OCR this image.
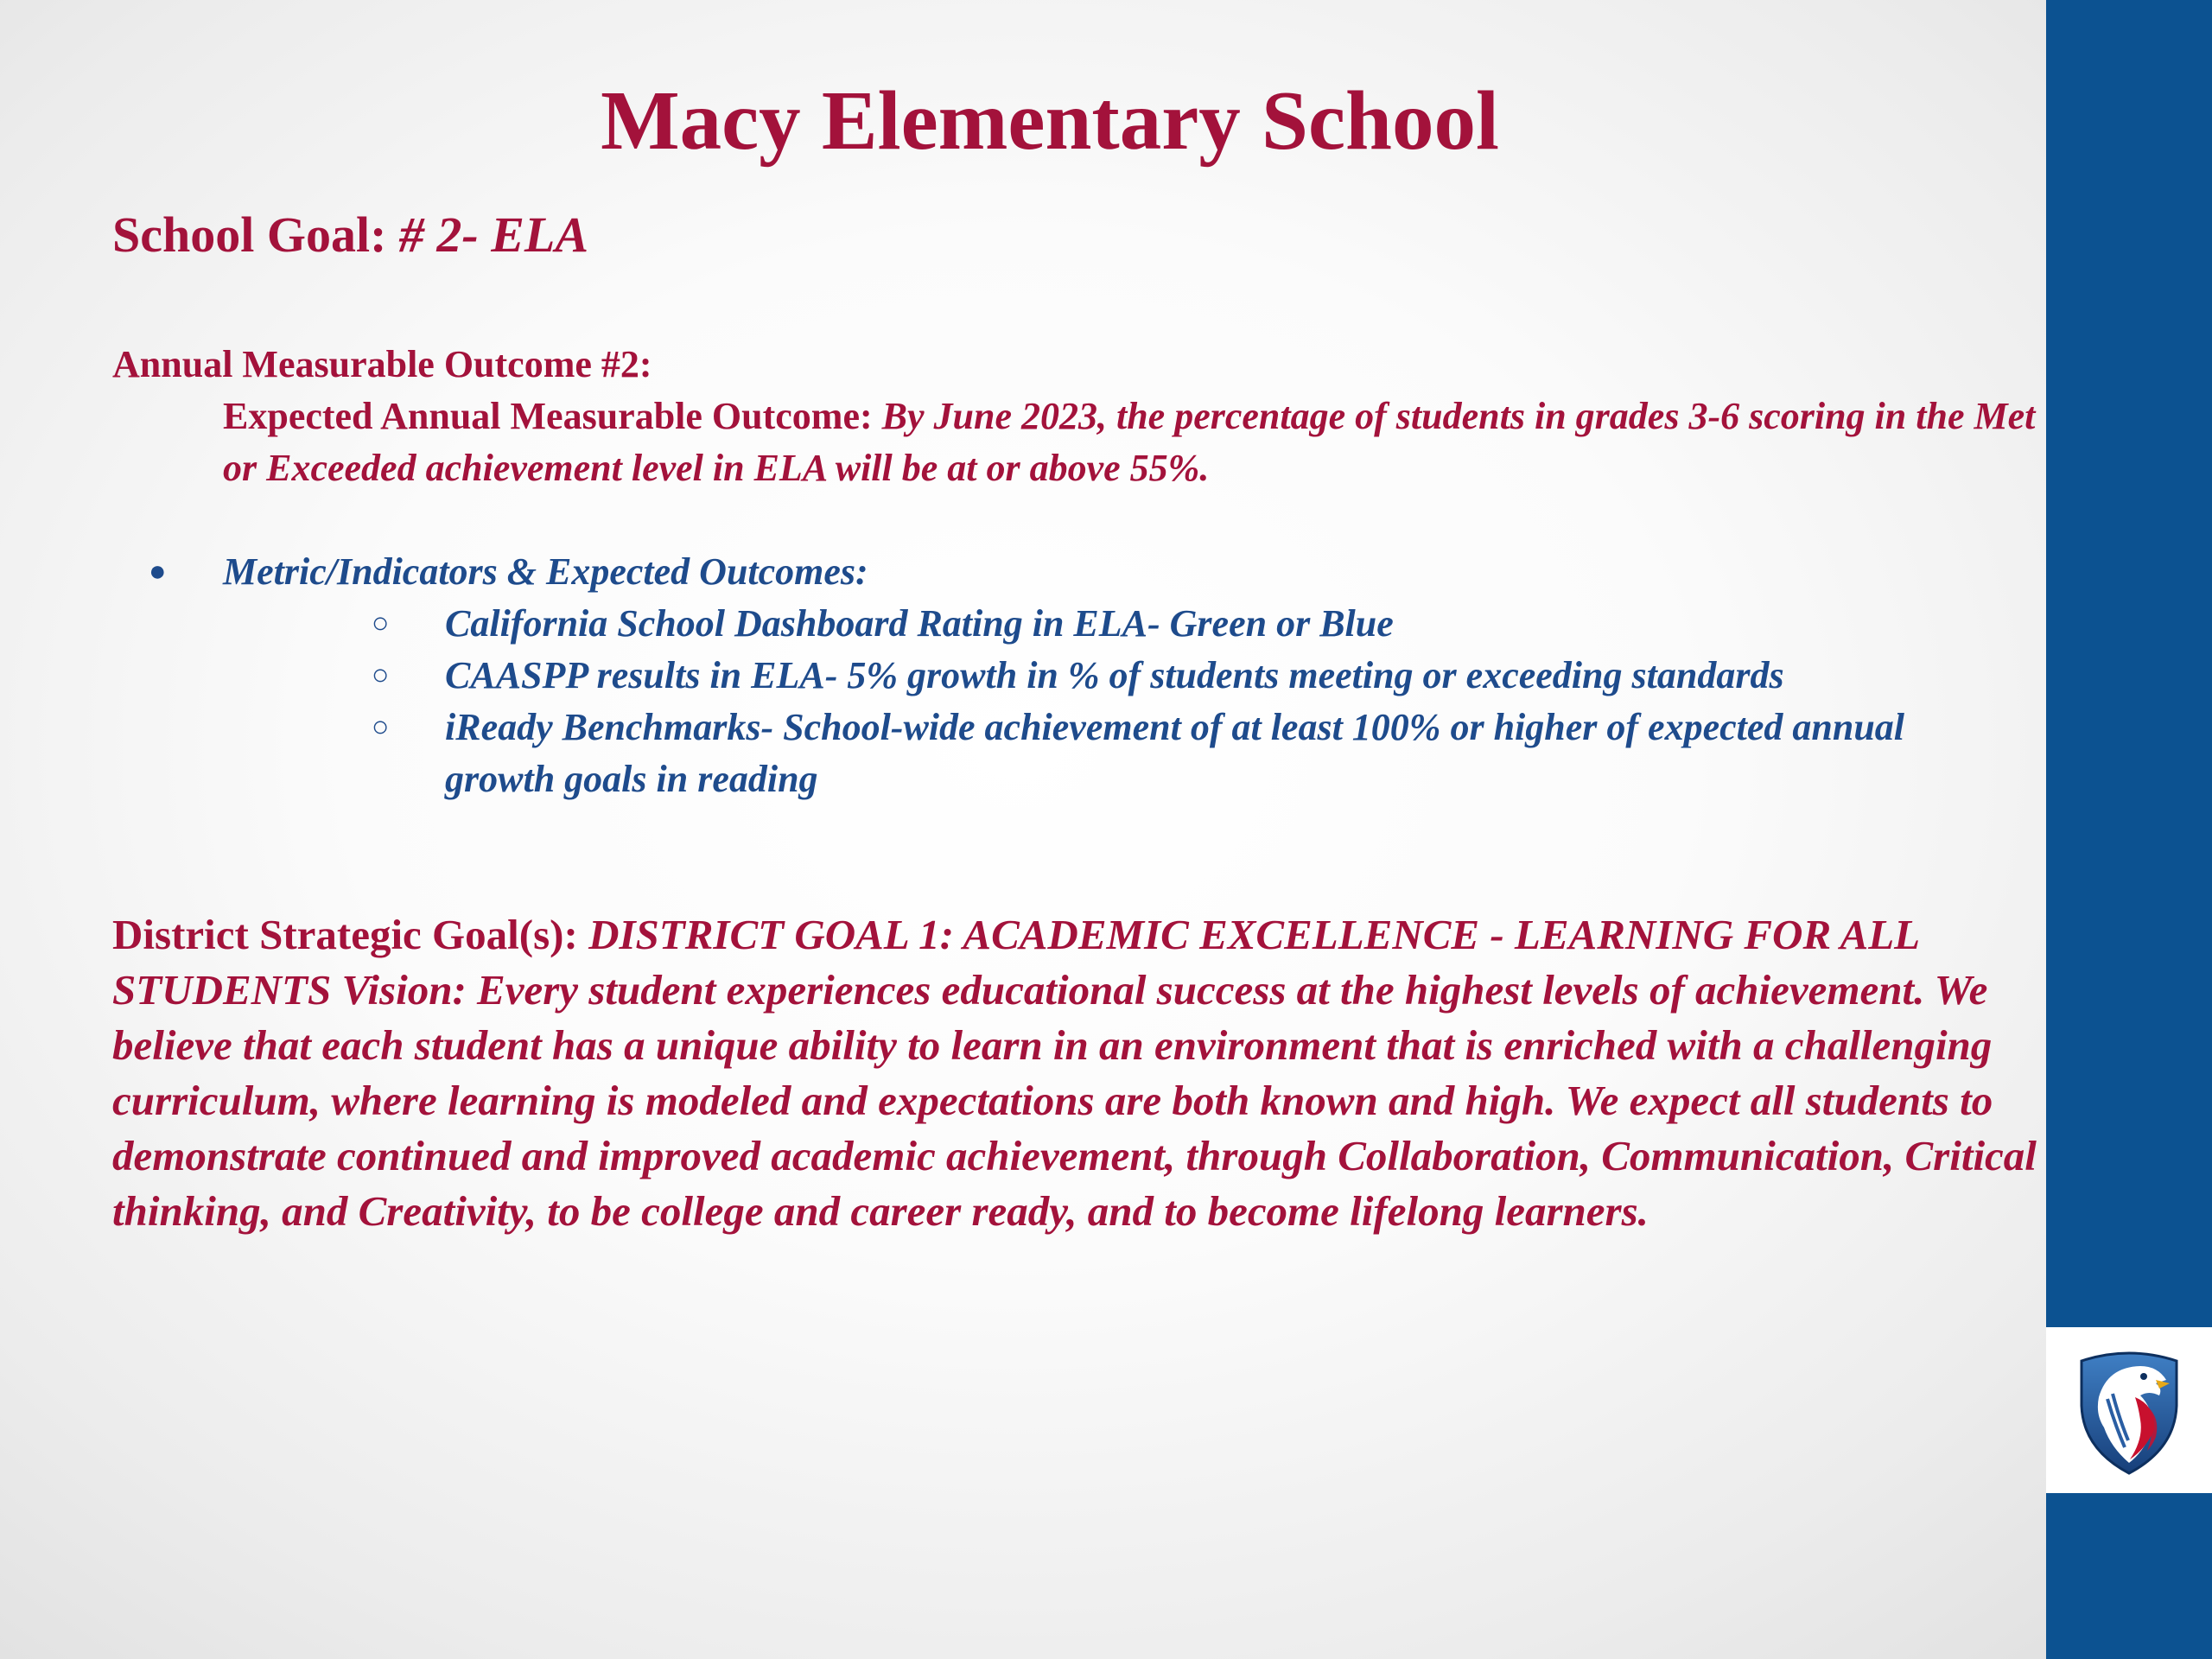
Macy Elementary School
School Goal: # 2- ELA
Annual Measurable Outcome #2:
Expected Annual Measurable Outcome: By June 2023, the percentage of students in grades 3-6 scoring in the Met or Exceeded achievement level in ELA will be at or above 55%.
● Metric/Indicators & Expected Outcomes:
○ California School Dashboard Rating in ELA- Green or Blue
○ CAASPP results in ELA- 5% growth in % of students meeting or exceeding standards
○ iReady Benchmarks- School-wide achievement of at least 100% or higher of expected annual growth goals in reading
District Strategic Goal(s): DISTRICT GOAL 1: ACADEMIC EXCELLENCE - LEARNING FOR ALL STUDENTS Vision: Every student experiences educational success at the highest levels of achievement. We believe that each student has a unique ability to learn in an environment that is enriched with a challenging curriculum, where learning is modeled and expectations are both known and high. We expect all students to demonstrate continued and improved academic achievement, through Collaboration, Communication, Critical thinking, and Creativity, to be college and career ready, and to become lifelong learners.
